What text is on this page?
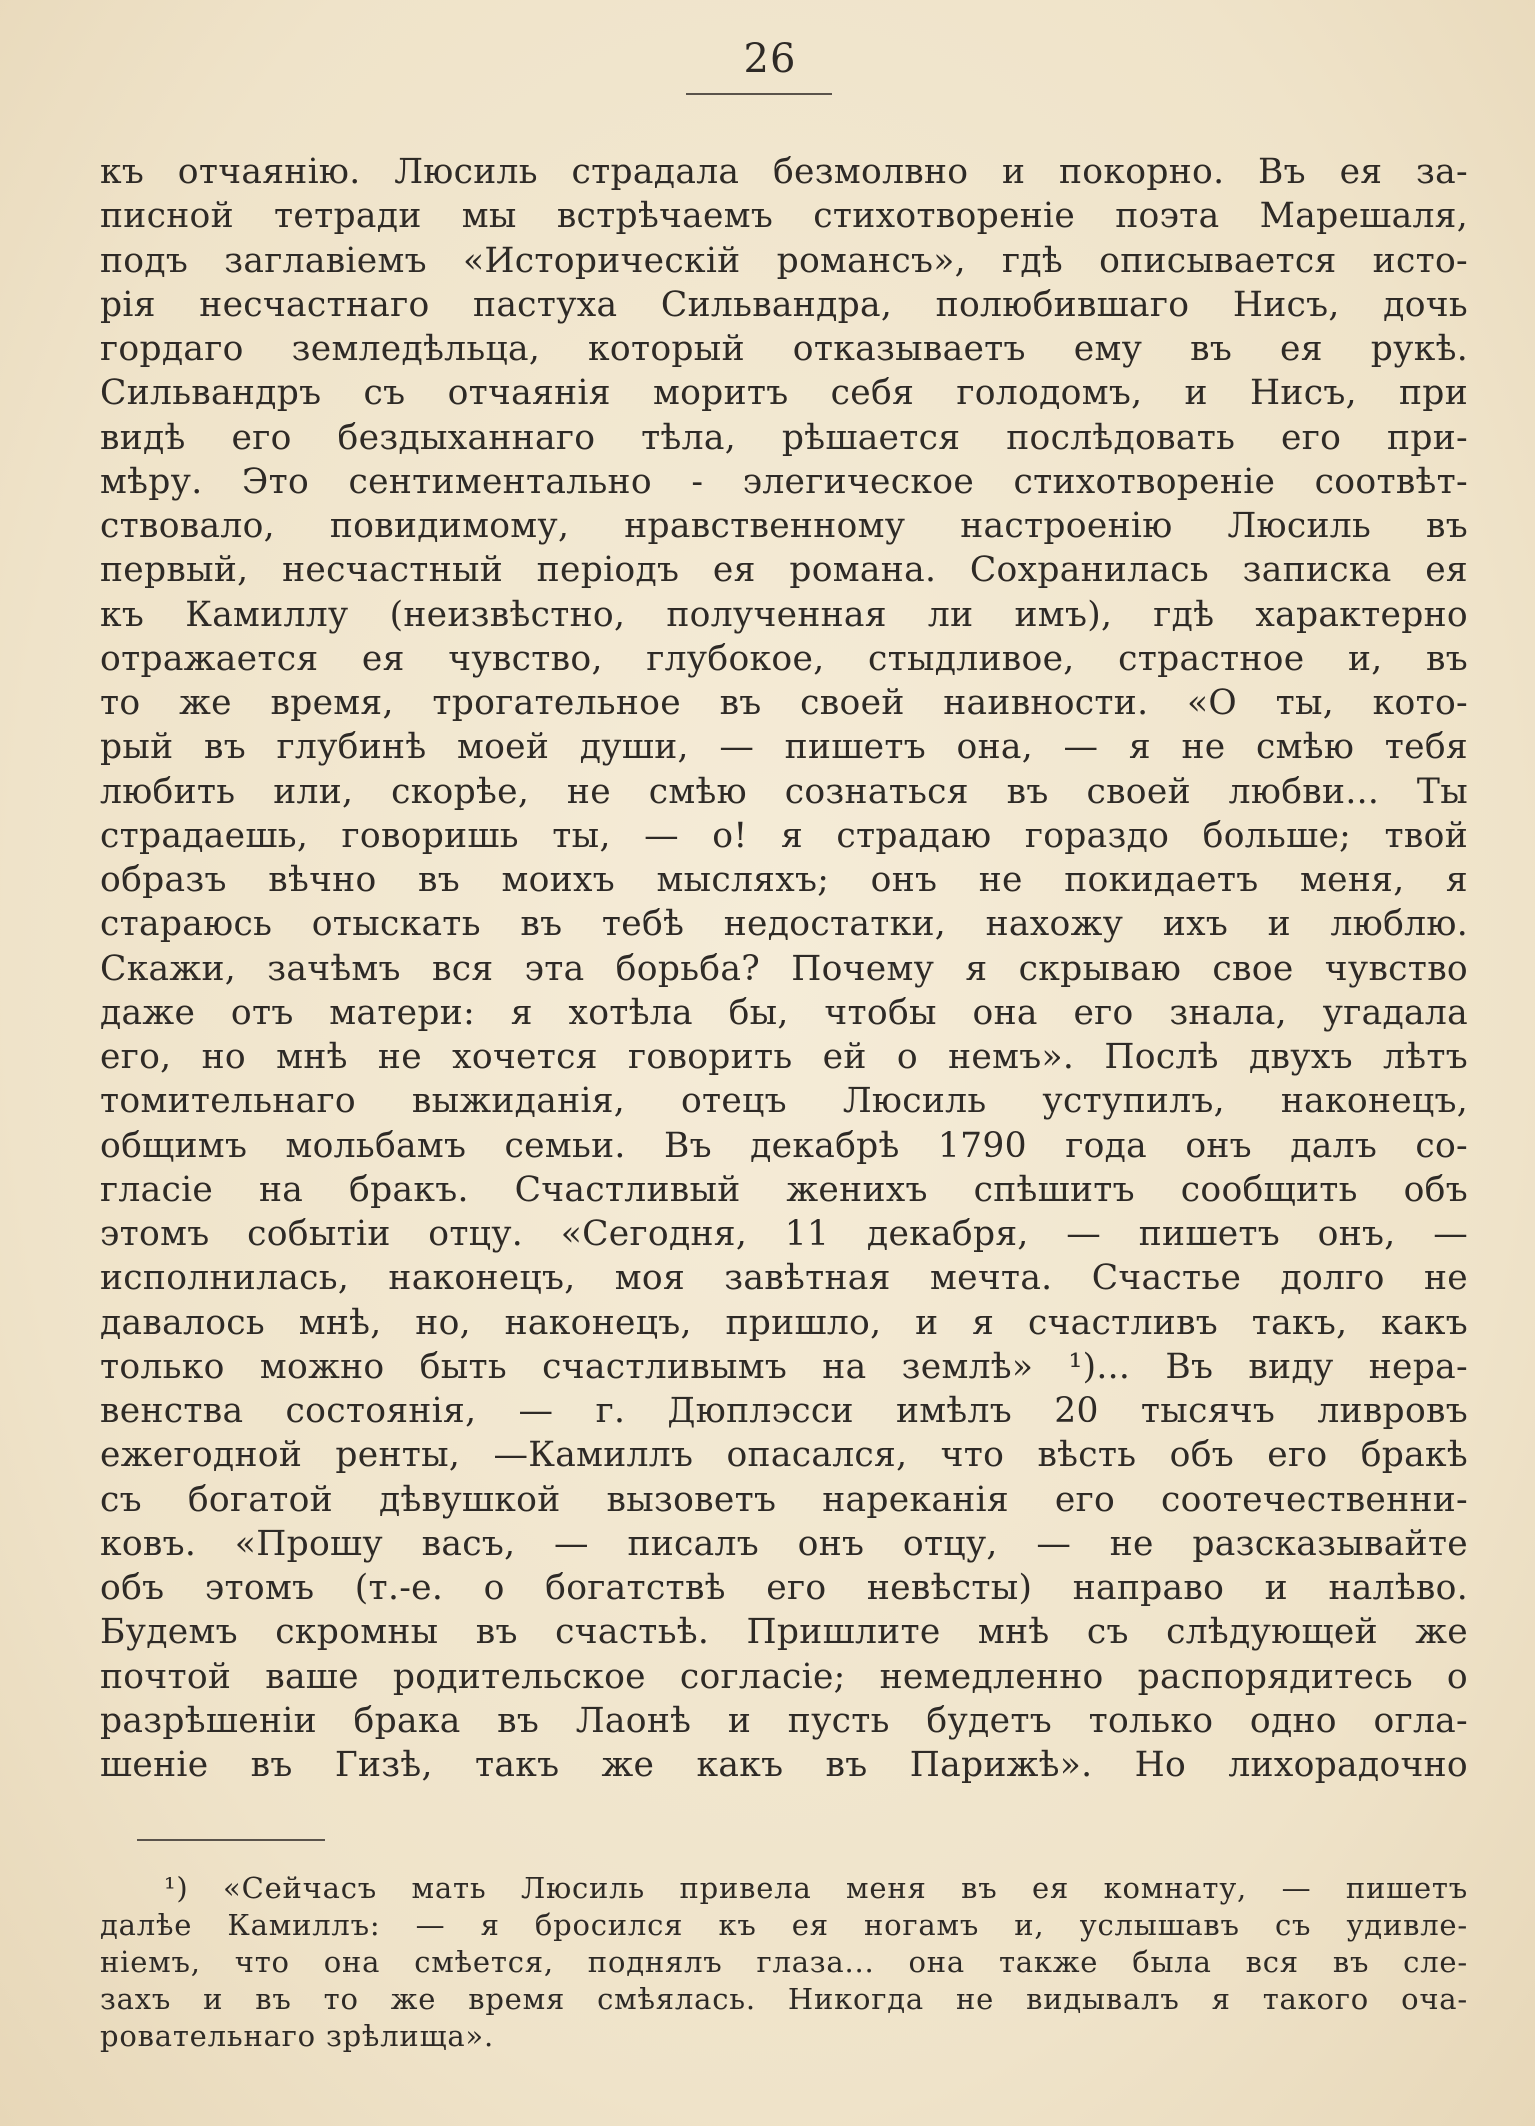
26
къ отчаянію. Люсиль страдала безмолвно и покорно. Въ ея за-
писной тетради мы встрѣчаемъ стихотвореніе поэта Марешаля,
подъ заглавіемъ «Историческій романсъ», гдѣ описывается исто-
рія несчастнаго пастуха Сильвандра, полюбившаго Нисъ, дочь
гордаго земледѣльца, который отказываетъ ему въ ея рукѣ.
Сильвандръ съ отчаянія моритъ себя голодомъ, и Нисъ, при
видѣ его бездыханнаго тѣла, рѣшается послѣдовать его при-
мѣру. Это сентиментально - элегическое стихотвореніе соотвѣт-
ствовало, повидимому, нравственному настроенію Люсиль въ
первый, несчастный періодъ ея романа. Сохранилась записка ея
къ Камиллу (неизвѣстно, полученная ли имъ), гдѣ характерно
отражается ея чувство, глубокое, стыдливое, страстное и, въ
то же время, трогательное въ своей наивности. «О ты, кото-
рый въ глубинѣ моей души, — пишетъ она, — я не смѣю тебя
любить или, скорѣе, не смѣю сознаться въ своей любви... Ты
страдаешь, говоришь ты, — о! я страдаю гораздо больше; твой
образъ вѣчно въ моихъ мысляхъ; онъ не покидаетъ меня, я
стараюсь отыскать въ тебѣ недостатки, нахожу ихъ и люблю.
Скажи, зачѣмъ вся эта борьба? Почему я скрываю свое чувство
даже отъ матери: я хотѣла бы, чтобы она его знала, угадала
его, но мнѣ не хочется говорить ей о немъ». Послѣ двухъ лѣтъ
томительнаго выжиданія, отецъ Люсиль уступилъ, наконецъ,
общимъ мольбамъ семьи. Въ декабрѣ 1790 года онъ далъ со-
гласіе на бракъ. Счастливый женихъ спѣшитъ сообщить объ
этомъ событіи отцу. «Сегодня, 11 декабря, — пишетъ онъ, —
исполнилась, наконецъ, моя завѣтная мечта. Счастье долго не
давалось мнѣ, но, наконецъ, пришло, и я счастливъ такъ, какъ
только можно быть счастливымъ на землѣ» ¹)... Въ виду нера-
венства состоянія, — г. Дюплэсси имѣлъ 20 тысячъ ливровъ
ежегодной ренты, —Камиллъ опасался, что вѣсть объ его бракѣ
съ богатой дѣвушкой вызоветъ нареканія его соотечественни-
ковъ. «Прошу васъ, — писалъ онъ отцу, — не разсказывайте
объ этомъ (т.-е. о богатствѣ его невѣсты) направо и налѣво.
Будемъ скромны въ счастьѣ. Пришлите мнѣ съ слѣдующей же
почтой ваше родительское согласіе; немедленно распорядитесь о
разрѣшеніи брака въ Лаонѣ и пусть будетъ только одно огла-
шеніе въ Гизѣ, такъ же какъ въ Парижѣ». Но лихорадочно
¹) «Сейчасъ мать Люсиль привела меня въ ея комнату, — пишетъ
далѣе Камиллъ: — я бросился къ ея ногамъ и, услышавъ съ удивле-
ніемъ, что она смѣется, поднялъ глаза... она также была вся въ сле-
захъ и въ то же время смѣялась. Никогда не видывалъ я такого оча-
ровательнаго зрѣлища».
